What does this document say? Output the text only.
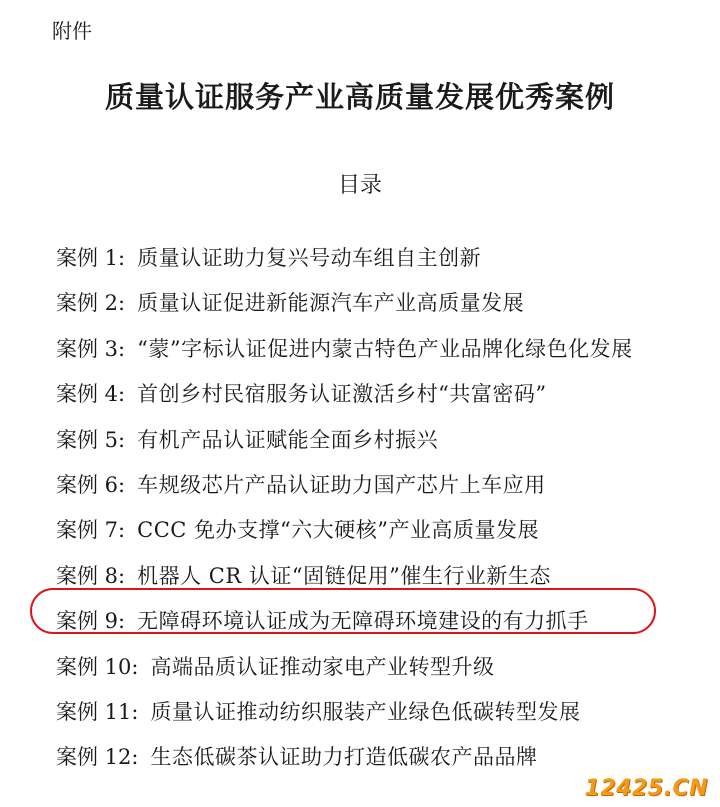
附件
质量认证服务产业高质量发展优秀案例
目录
案例 1: 质量认证助力复兴号动车组自主创新
案例 2: 质量认证促进新能源汽车产业高质量发展
案例 3: “蒙”字标认证促进内蒙古特色产业品牌化绿色化发展
案例 4: 首创乡村民宿服务认证激活乡村“共富密码”
案例 5: 有机产品认证赋能全面乡村振兴
案例 6: 车规级芯片产品认证助力国产芯片上车应用
案例 7: CCC 免办支撑“六大硬核”产业高质量发展
案例 8: 机器人 CR 认证“固链促用”催生行业新生态
案例 9: 无障碍环境认证成为无障碍环境建设的有力抓手
案例 10: 高端品质认证推动家电产业转型升级
案例 11: 质量认证推动纺织服装产业绿色低碳转型发展
案例 12: 生态低碳茶认证助力打造低碳农产品品牌
12425.CN
